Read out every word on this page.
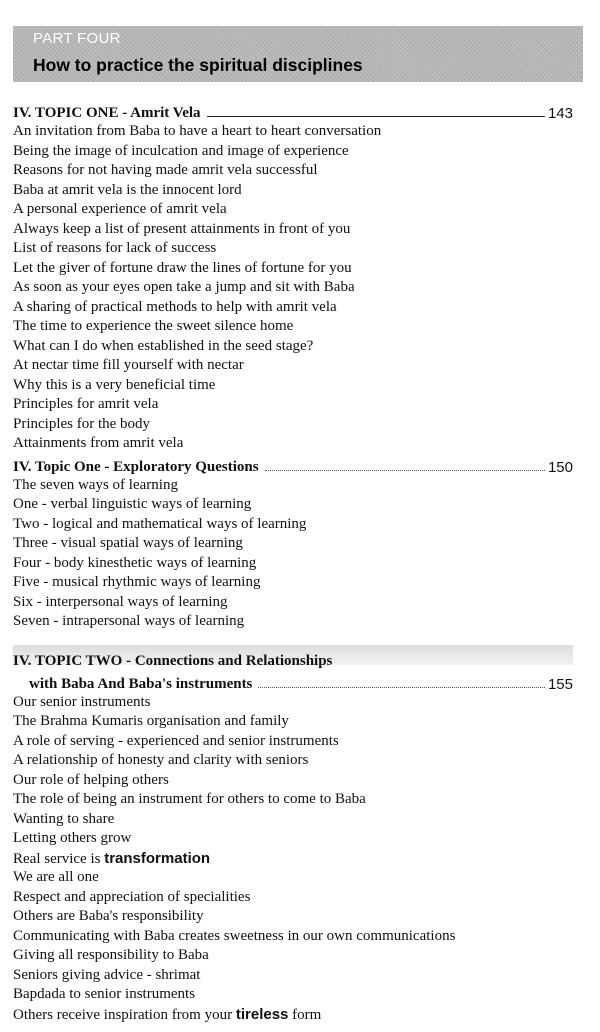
PART FOUR
How to practice the spiritual disciplines
IV. TOPIC ONE - Amrit Vela	143
An invitation from Baba to have a heart to heart conversation
Being the image of inculcation and image of experience
Reasons for not having made amrit vela successful
Baba at amrit vela is the innocent lord
A personal experience of amrit vela
Always keep a list of present attainments in front of you
List of reasons for lack of success
Let the giver of fortune draw the lines of fortune for you
As soon as your eyes open take a jump and sit with Baba
A sharing of practical methods to help with amrit vela
The time to experience the sweet silence home
What can I do when established in the seed stage?
At nectar time fill yourself with nectar
Why this is a very beneficial time
Principles for amrit vela
Principles for the body
Attainments from amrit vela
IV. Topic One - Exploratory Questions	150
The seven ways of learning
One - verbal linguistic ways of learning
Two - logical and mathematical ways of learning
Three - visual spatial ways of learning
Four - body kinesthetic ways of learning
Five - musical rhythmic ways of learning
Six - interpersonal ways of learning
Seven - intrapersonal ways of learning
IV. TOPIC TWO - Connections and Relationships
with Baba And Baba's instruments	155
Our senior instruments
The Brahma Kumaris organisation and family
A role of serving - experienced and senior instruments
A relationship of honesty and clarity with seniors
Our role of helping others
The role of being an instrument for others to come to Baba
Wanting to share
Letting others grow
Real service is transformation
We are all one
Respect and appreciation of specialities
Others are Baba's responsibility
Communicating with Baba creates sweetness in our own communications
Giving all responsibility to Baba
Seniors giving advice - shrimat
Bapdada to senior instruments
Others receive inspiration from your tireless form
